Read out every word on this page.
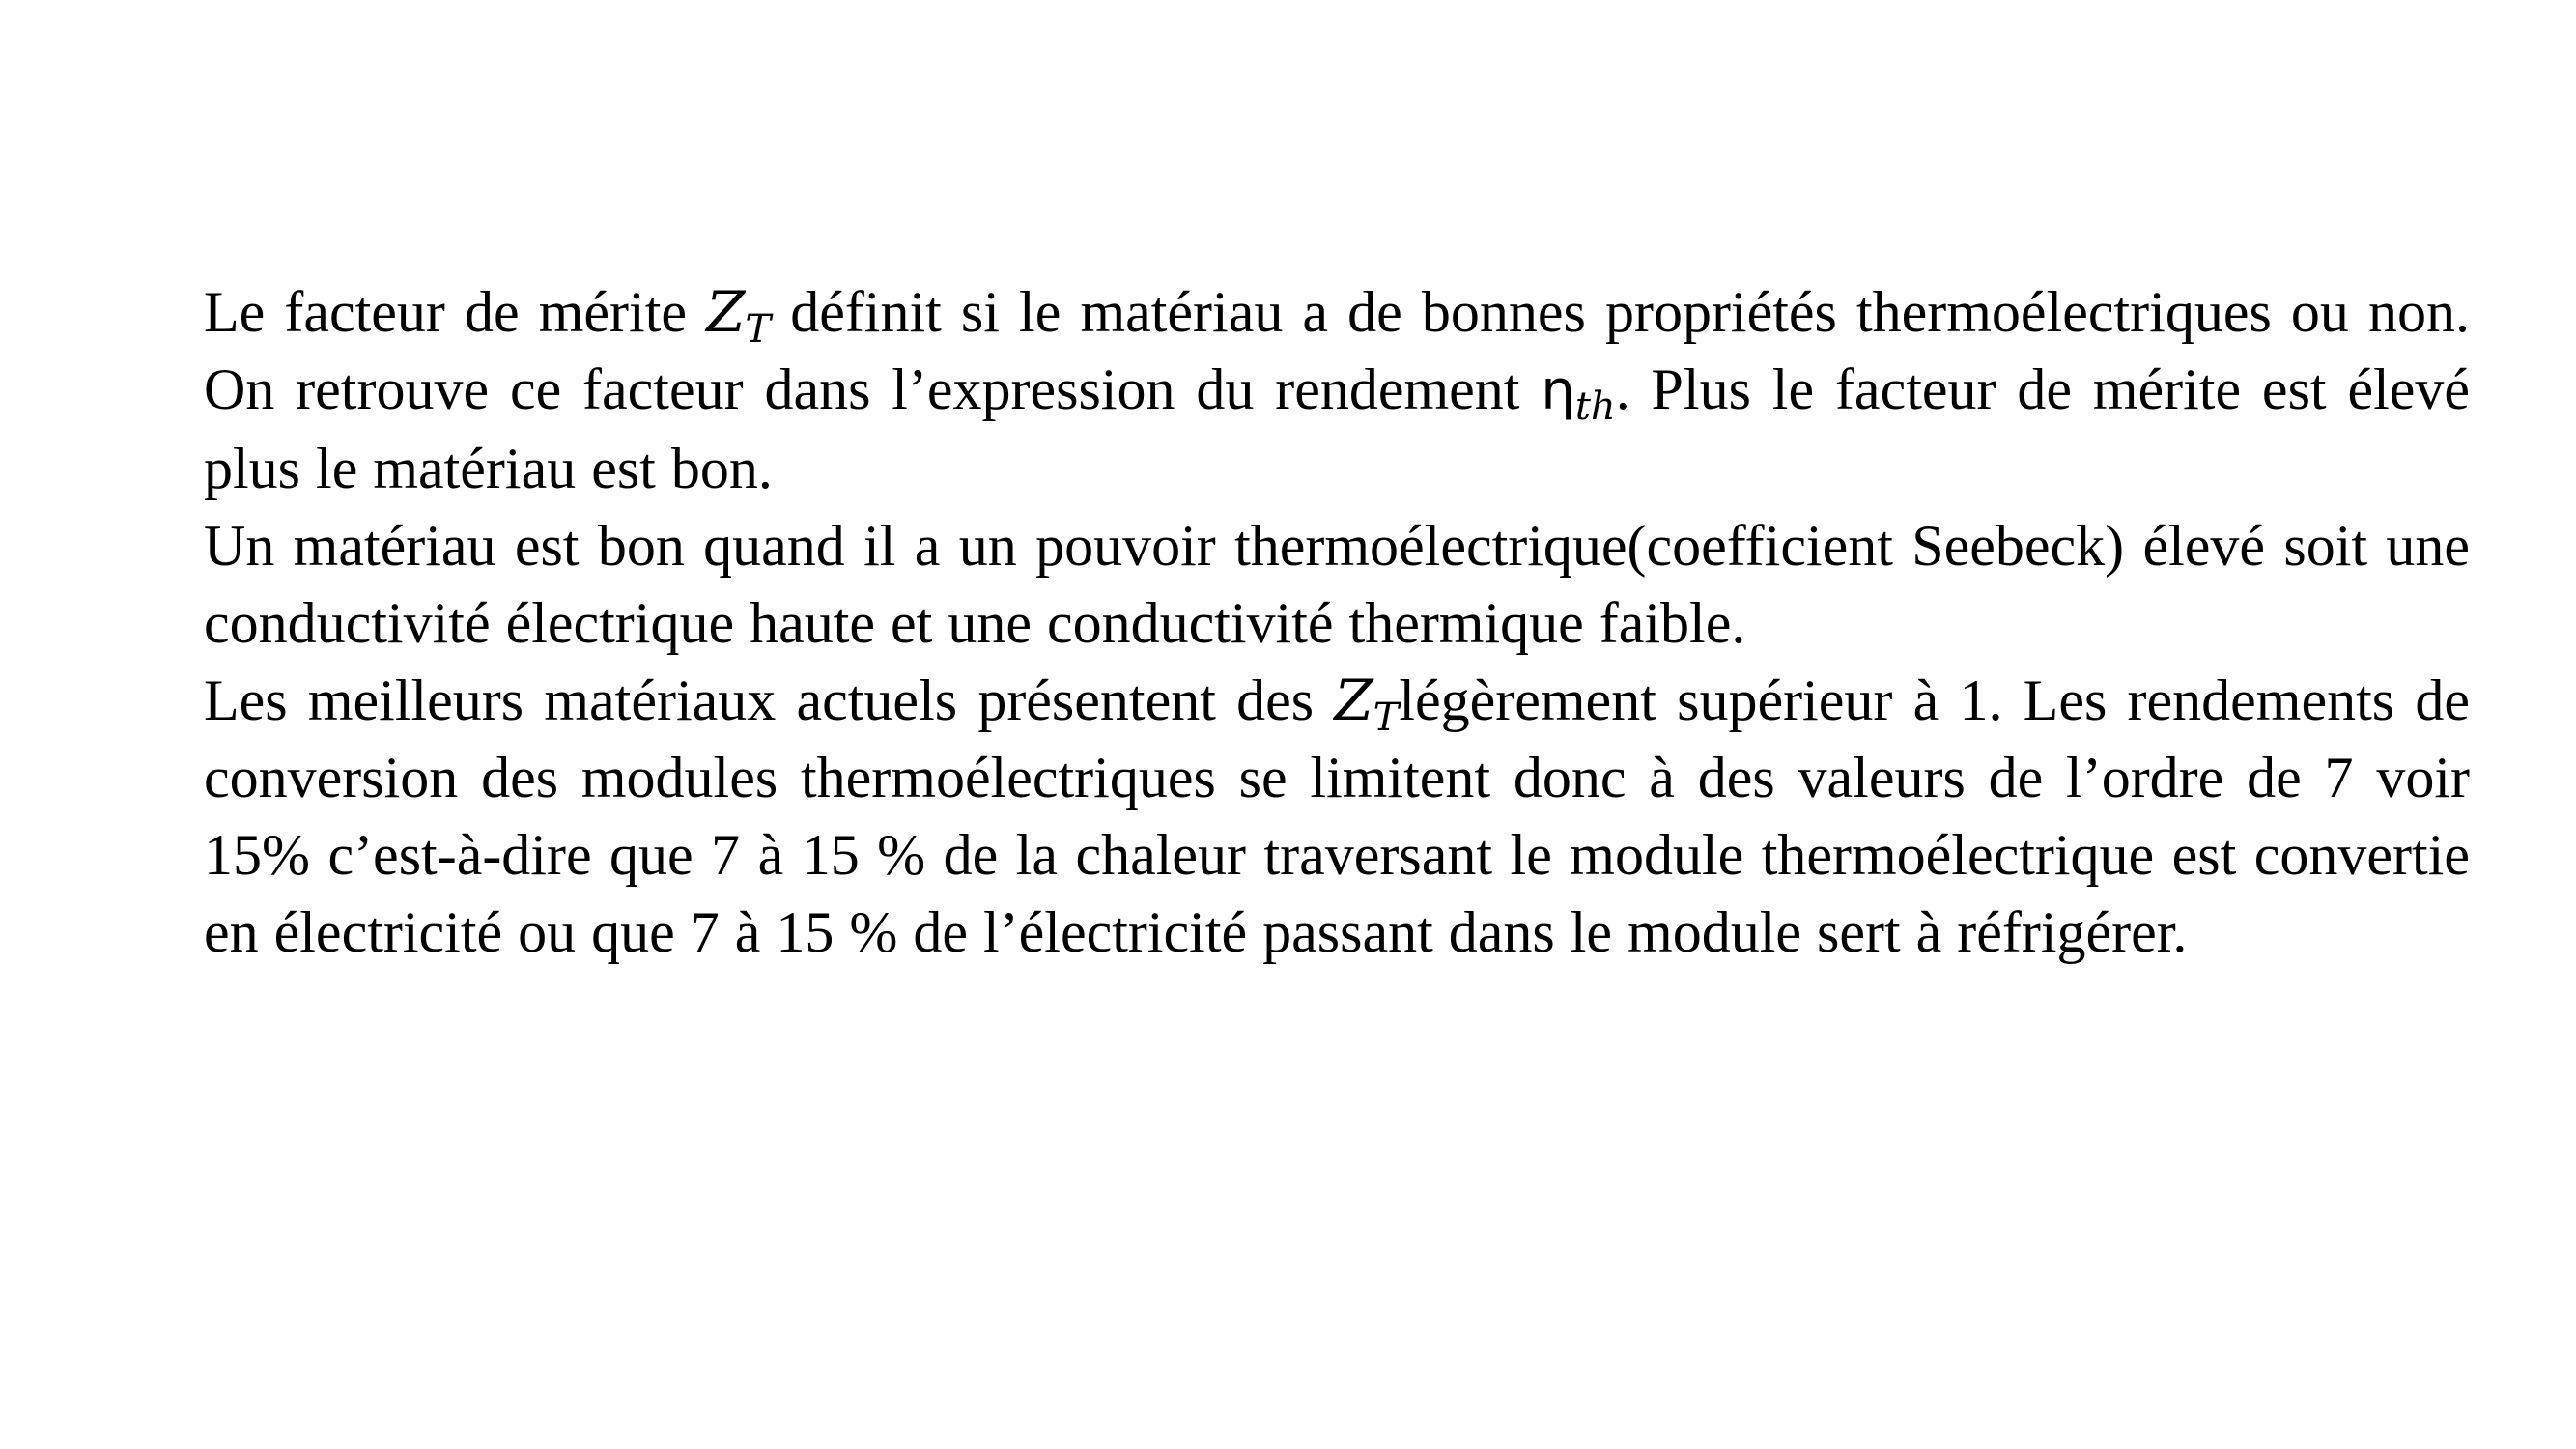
Le facteur de mérite $Z_T$ définit si le matériau a de bonnes propriétés thermoélectriques ou non. On retrouve ce facteur dans l’expression du rendement $\eta_{th}$. Plus le facteur de mérite est élevé plus le matériau est bon.

Un matériau est bon quand il a un pouvoir thermoélectrique(coefficient Seebeck) élevé soit une conductivité électrique haute et une conductivité thermique faible.

Les meilleurs matériaux actuels présentent des $Z_Tlégèrement$ supérieur à 1. Les rendements de conversion des modules thermoélectriques se limitent donc à des valeurs de l’ordre de 7 voir 15% c’est-à-dire que 7 à 15 % de la chaleur traversant le module thermoélectrique est convertie en électricité ou que 7 à 15 % de l’électricité passant dans le module sert à réfrigérer.
